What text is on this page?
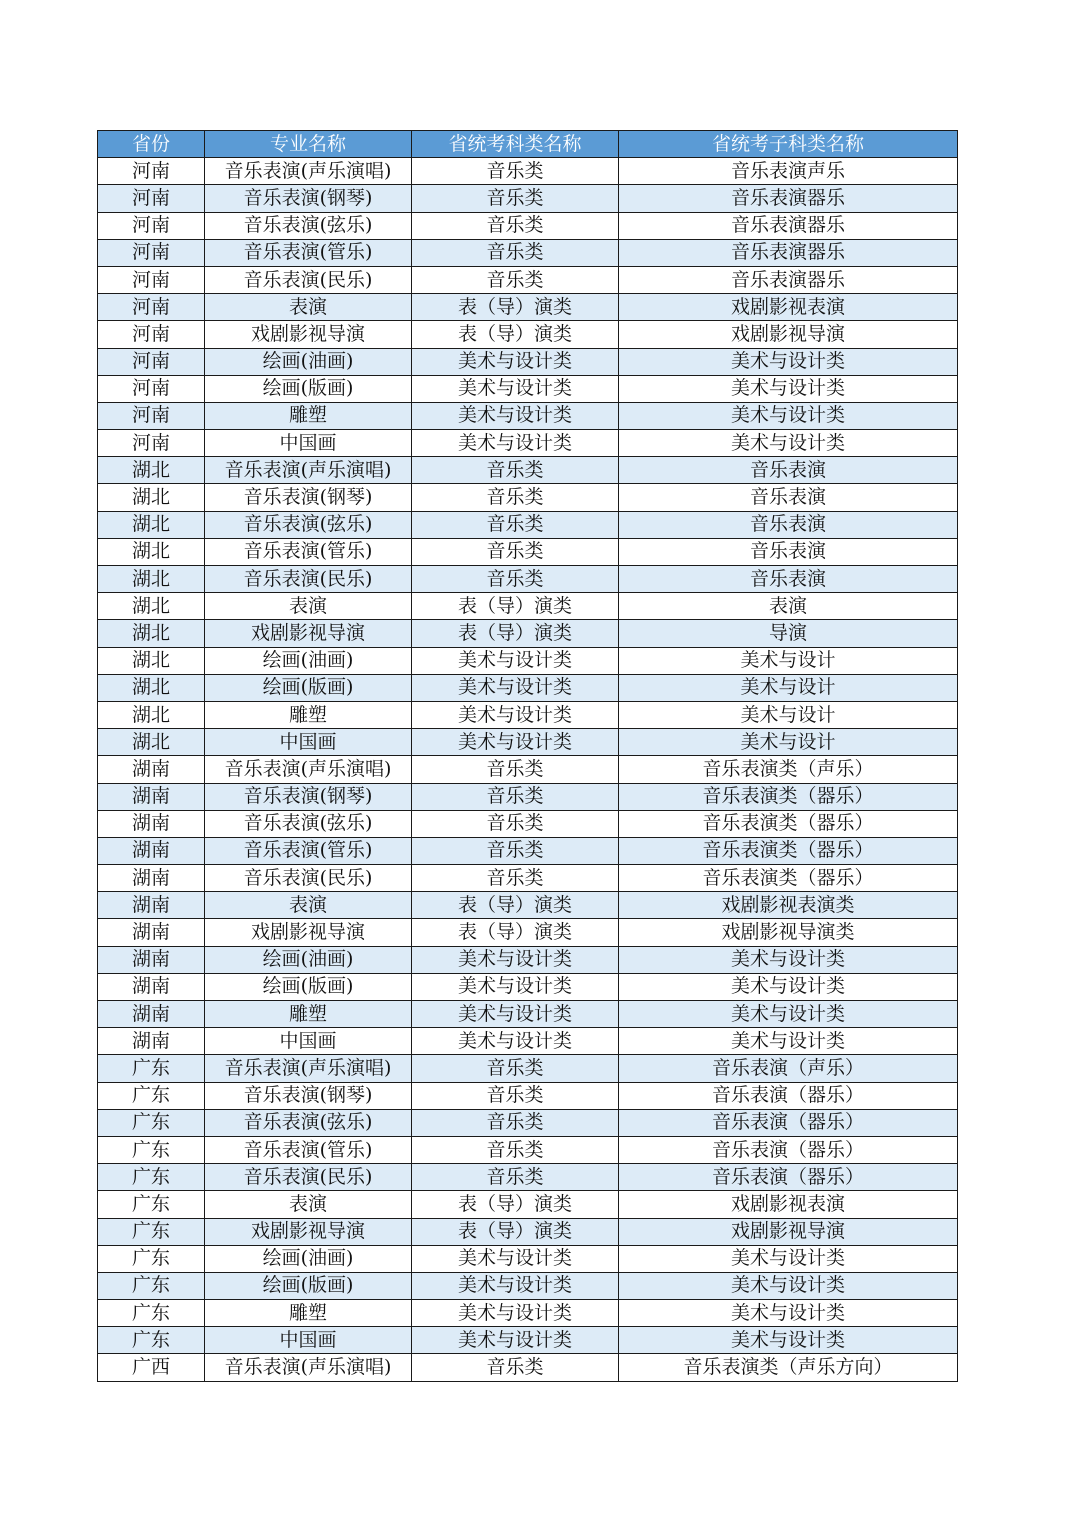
省份	专业名称	省统考科类名称	省统考子科类名称
河南	音乐表演(声乐演唱)	音乐类	音乐表演声乐
河南	音乐表演(钢琴)	音乐类	音乐表演器乐
河南	音乐表演(弦乐)	音乐类	音乐表演器乐
河南	音乐表演(管乐)	音乐类	音乐表演器乐
河南	音乐表演(民乐)	音乐类	音乐表演器乐
河南	表演	表（导）演类	戏剧影视表演
河南	戏剧影视导演	表（导）演类	戏剧影视导演
河南	绘画(油画)	美术与设计类	美术与设计类
河南	绘画(版画)	美术与设计类	美术与设计类
河南	雕塑	美术与设计类	美术与设计类
河南	中国画	美术与设计类	美术与设计类
湖北	音乐表演(声乐演唱)	音乐类	音乐表演
湖北	音乐表演(钢琴)	音乐类	音乐表演
湖北	音乐表演(弦乐)	音乐类	音乐表演
湖北	音乐表演(管乐)	音乐类	音乐表演
湖北	音乐表演(民乐)	音乐类	音乐表演
湖北	表演	表（导）演类	表演
湖北	戏剧影视导演	表（导）演类	导演
湖北	绘画(油画)	美术与设计类	美术与设计
湖北	绘画(版画)	美术与设计类	美术与设计
湖北	雕塑	美术与设计类	美术与设计
湖北	中国画	美术与设计类	美术与设计
湖南	音乐表演(声乐演唱)	音乐类	音乐表演类（声乐）
湖南	音乐表演(钢琴)	音乐类	音乐表演类（器乐）
湖南	音乐表演(弦乐)	音乐类	音乐表演类（器乐）
湖南	音乐表演(管乐)	音乐类	音乐表演类（器乐）
湖南	音乐表演(民乐)	音乐类	音乐表演类（器乐）
湖南	表演	表（导）演类	戏剧影视表演类
湖南	戏剧影视导演	表（导）演类	戏剧影视导演类
湖南	绘画(油画)	美术与设计类	美术与设计类
湖南	绘画(版画)	美术与设计类	美术与设计类
湖南	雕塑	美术与设计类	美术与设计类
湖南	中国画	美术与设计类	美术与设计类
广东	音乐表演(声乐演唱)	音乐类	音乐表演（声乐）
广东	音乐表演(钢琴)	音乐类	音乐表演（器乐）
广东	音乐表演(弦乐)	音乐类	音乐表演（器乐）
广东	音乐表演(管乐)	音乐类	音乐表演（器乐）
广东	音乐表演(民乐)	音乐类	音乐表演（器乐）
广东	表演	表（导）演类	戏剧影视表演
广东	戏剧影视导演	表（导）演类	戏剧影视导演
广东	绘画(油画)	美术与设计类	美术与设计类
广东	绘画(版画)	美术与设计类	美术与设计类
广东	雕塑	美术与设计类	美术与设计类
广东	中国画	美术与设计类	美术与设计类
广西	音乐表演(声乐演唱)	音乐类	音乐表演类（声乐方向）
